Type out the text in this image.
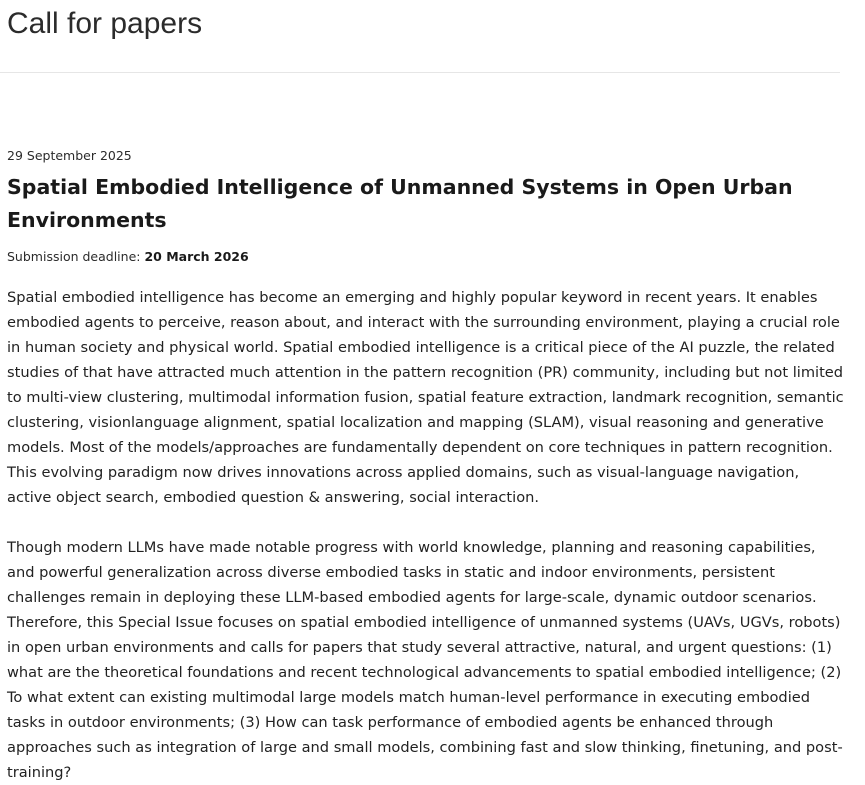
Call for papers

29 September 2025

Spatial Embodied Intelligence of Unmanned Systems in Open Urban Environments

Submission deadline: 20 March 2026

Spatial embodied intelligence has become an emerging and highly popular keyword in recent years. It enables embodied agents to perceive, reason about, and interact with the surrounding environment, playing a crucial role in human society and physical world. Spatial embodied intelligence is a critical piece of the AI puzzle, the related studies of that have attracted much attention in the pattern recognition (PR) community, including but not limited to multi-view clustering, multimodal information fusion, spatial feature extraction, landmark recognition, semantic clustering, visionlanguage alignment, spatial localization and mapping (SLAM), visual reasoning and generative models. Most of the models/approaches are fundamentally dependent on core techniques in pattern recognition. This evolving paradigm now drives innovations across applied domains, such as visual-language navigation, active object search, embodied question & answering, social interaction.

Though modern LLMs have made notable progress with world knowledge, planning and reasoning capabilities, and powerful generalization across diverse embodied tasks in static and indoor environments, persistent challenges remain in deploying these LLM-based embodied agents for large-scale, dynamic outdoor scenarios. Therefore, this Special Issue focuses on spatial embodied intelligence of unmanned systems (UAVs, UGVs, robots) in open urban environments and calls for papers that study several attractive, natural, and urgent questions: (1) what are the theoretical foundations and recent technological advancements to spatial embodied intelligence; (2) To what extent can existing multimodal large models match human-level performance in executing embodied tasks in outdoor environments; (3) How can task performance of embodied agents be enhanced through approaches such as integration of large and small models, combining fast and slow thinking, finetuning, and post-training?
